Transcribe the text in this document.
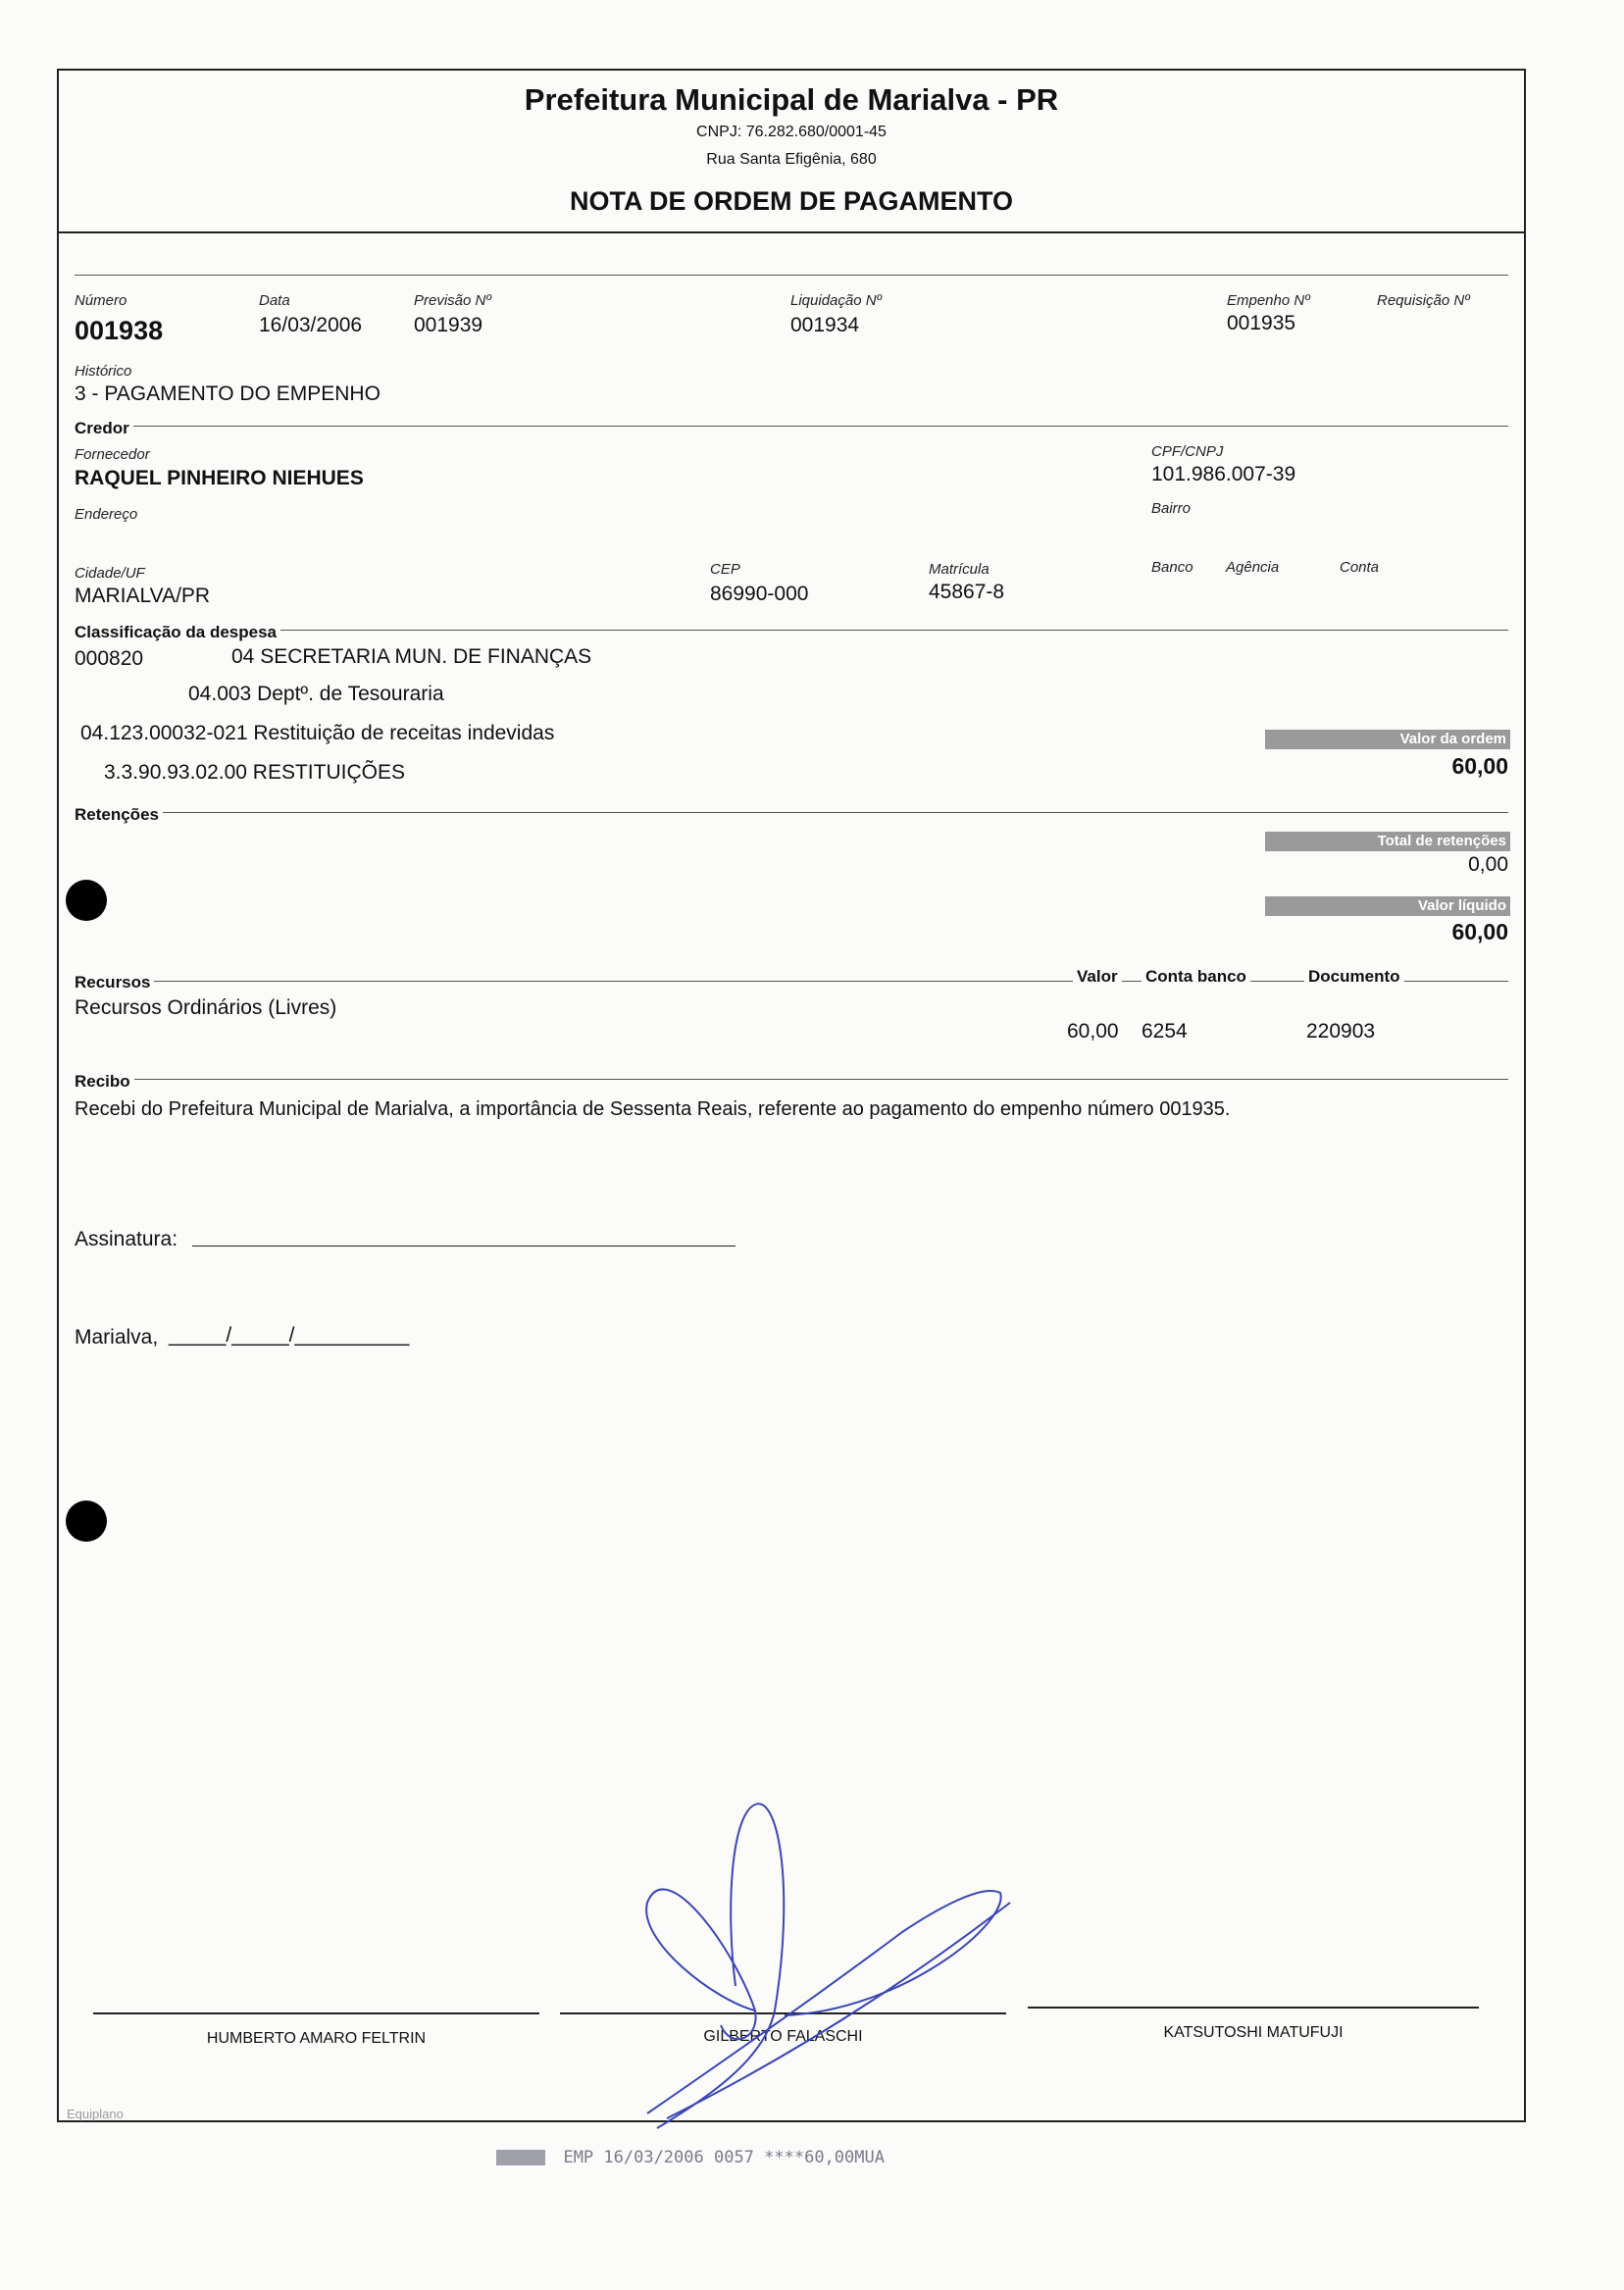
Prefeitura Municipal de Marialva - PR
CNPJ: 76.282.680/0001-45
Rua Santa Efigênia, 680
NOTA DE ORDEM DE PAGAMENTO
Número
001938
Data
16/03/2006
Previsão Nº
001939
Liquidação Nº
001934
Empenho Nº
001935
Requisição Nº
Histórico
3 - PAGAMENTO DO EMPENHO
Credor
Fornecedor
RAQUEL PINHEIRO NIEHUES
CPF/CNPJ
101.986.007-39
Endereço	Bairro
Cidade/UF
MARIALVA/PR
CEP
86990-000
Matrícula
45867-8
Banco Agência	Conta
Classificação da despesa
000820	04 SECRETARIA MUN. DE FINANÇAS
04.003 Deptº. de Tesouraria
04.123.00032-021 Restituição de receitas indevidas
3.3.90.93.02.00 RESTITUIÇÕES
Valor da ordem
60,00
Retenções
Total de retenções
0,00
Valor líquido
60,00
Recursos	Valor Conta banco	Documento
Recursos Ordinários (Livres)
60,00 6254	220903
Recibo
Recebi do Prefeitura Municipal de Marialva, a importância de Sessenta Reais, referente ao pagamento do empenho número 001935.
Assinatura:
Marialva, _____/_____/__________
HUMBERTO AMARO FELTRIN	GILBERTO FALASCHI	KATSUTOSHI MATUFUJI
Equiplano
EMP 16/03/2006 0057 ****60,00MUA
